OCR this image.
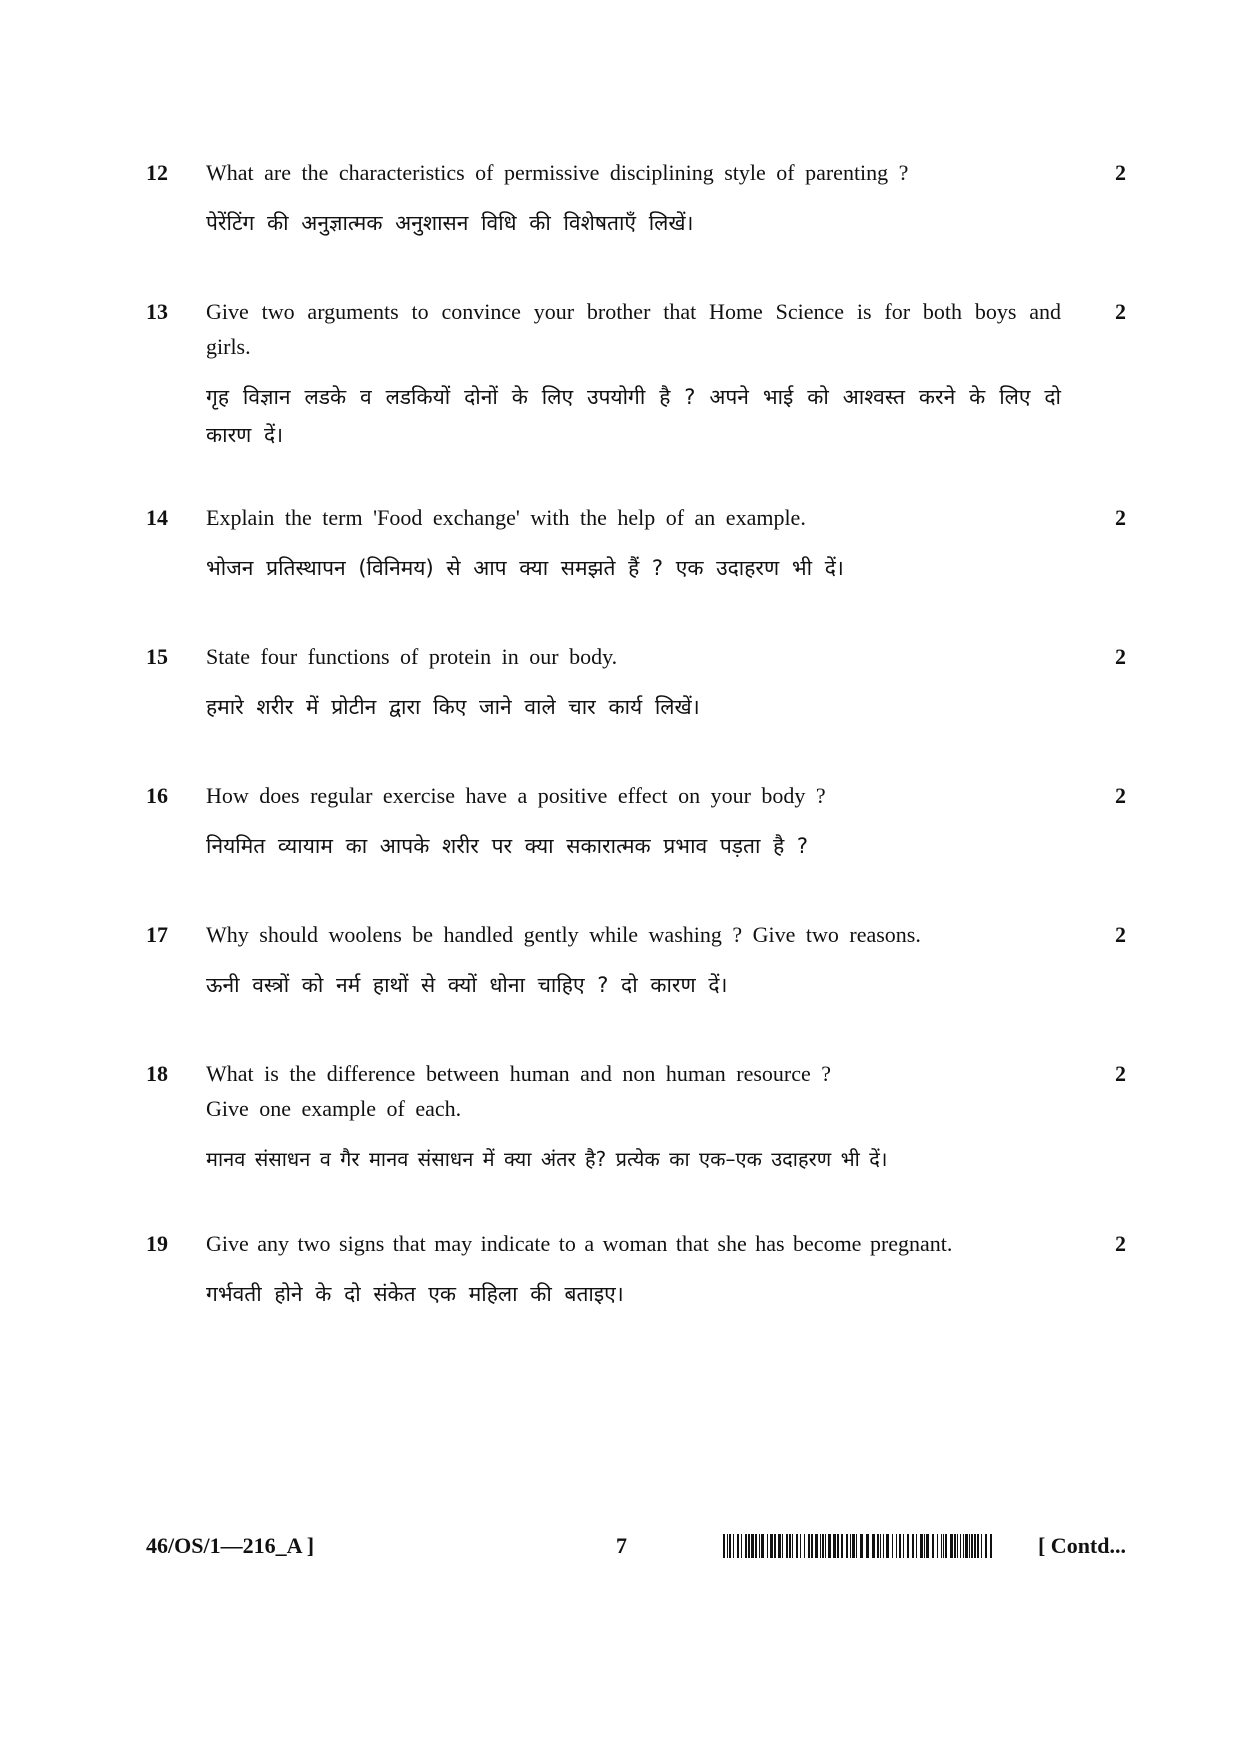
12 What are the characteristics of permissive disciplining style of parenting ?
पेरेंटिंग की अनुज्ञात्मक अनुशासन विधि की विशेषताएँ लिखें।
2
13 Give two arguments to convince your brother that Home Science is for both boys and girls.
गृह विज्ञान लडके व लडकियों दोनों के लिए उपयोगी है ? अपने भाई को आश्वस्त करने के लिए दो कारण दें।
2
14 Explain the term 'Food exchange' with the help of an example.
भोजन प्रतिस्थापन (विनिमय) से आप क्या समझते हैं ? एक उदाहरण भी दें।
2
15 State four functions of protein in our body.
हमारे शरीर में प्रोटीन द्वारा किए जाने वाले चार कार्य लिखें।
2
16 How does regular exercise have a positive effect on your body ?
नियमित व्यायाम का आपके शरीर पर क्या सकारात्मक प्रभाव पड़ता है ?
2
17 Why should woolens be handled gently while washing ? Give two reasons.
ऊनी वस्त्रों को नर्म हाथों से क्यों धोना चाहिए ? दो कारण दें।
2
18 What is the difference between human and non human resource ?
Give one example of each.
मानव संसाधन व गैर मानव संसाधन में क्या अंतर है? प्रत्येक का एक–एक उदाहरण भी दें।
2
19 Give any two signs that may indicate to a woman that she has become pregnant.
गर्भवती होने के दो संकेत एक महिला की बताइए।
2
46/OS/1—216_A ]	7	[ Contd...
